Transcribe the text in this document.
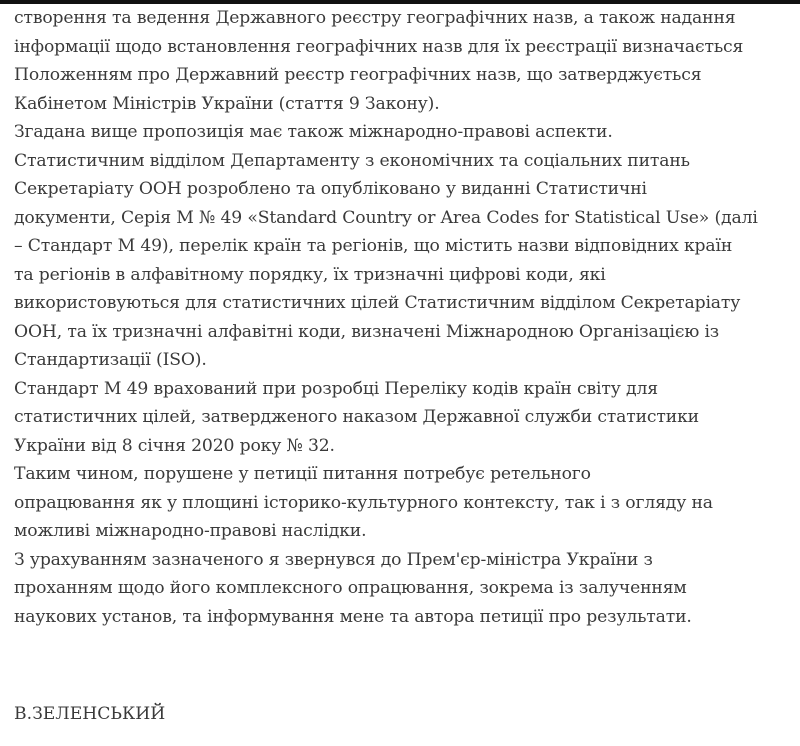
створення та ведення Державного реєстру географічних назв, а також надання
інформації щодо встановлення географічних назв для їх реєстрації визначається
Положенням про Державний реєстр географічних назв, що затверджується
Кабінетом Міністрів України (стаття 9 Закону).
Згадана вище пропозиція має також міжнародно-правові аспекти.
Статистичним відділом Департаменту з економічних та соціальних питань
Секретаріату ООН розроблено та опубліковано у виданні Статистичні
документи, Серія M № 49 «Standard Country or Area Codes for Statistical Use» (далі
– Стандарт M 49), перелік країн та регіонів, що містить назви відповідних країн
та регіонів в алфавітному порядку, їх тризначні цифрові коди, які
використовуються для статистичних цілей Статистичним відділом Секретаріату
ООН, та їх тризначні алфавітні коди, визначені Міжнародною Організацією із
Стандартизації (ISO).
Стандарт M 49 врахований при розробці Переліку кодів країн світу для
статистичних цілей, затвердженого наказом Державної служби статистики
України від 8 січня 2020 року № 32.
Таким чином, порушене у петиції питання потребує ретельного
опрацювання як у площині історико-культурного контексту, так і з огляду на
можливі міжнародно-правові наслідки.
З урахуванням зазначеного я звернувся до Прем'єр-міністра України з
проханням щодо його комплексного опрацювання, зокрема із залученням
наукових установ, та інформування мене та автора петиції про результати.
В.ЗЕЛЕНСЬКИЙ
